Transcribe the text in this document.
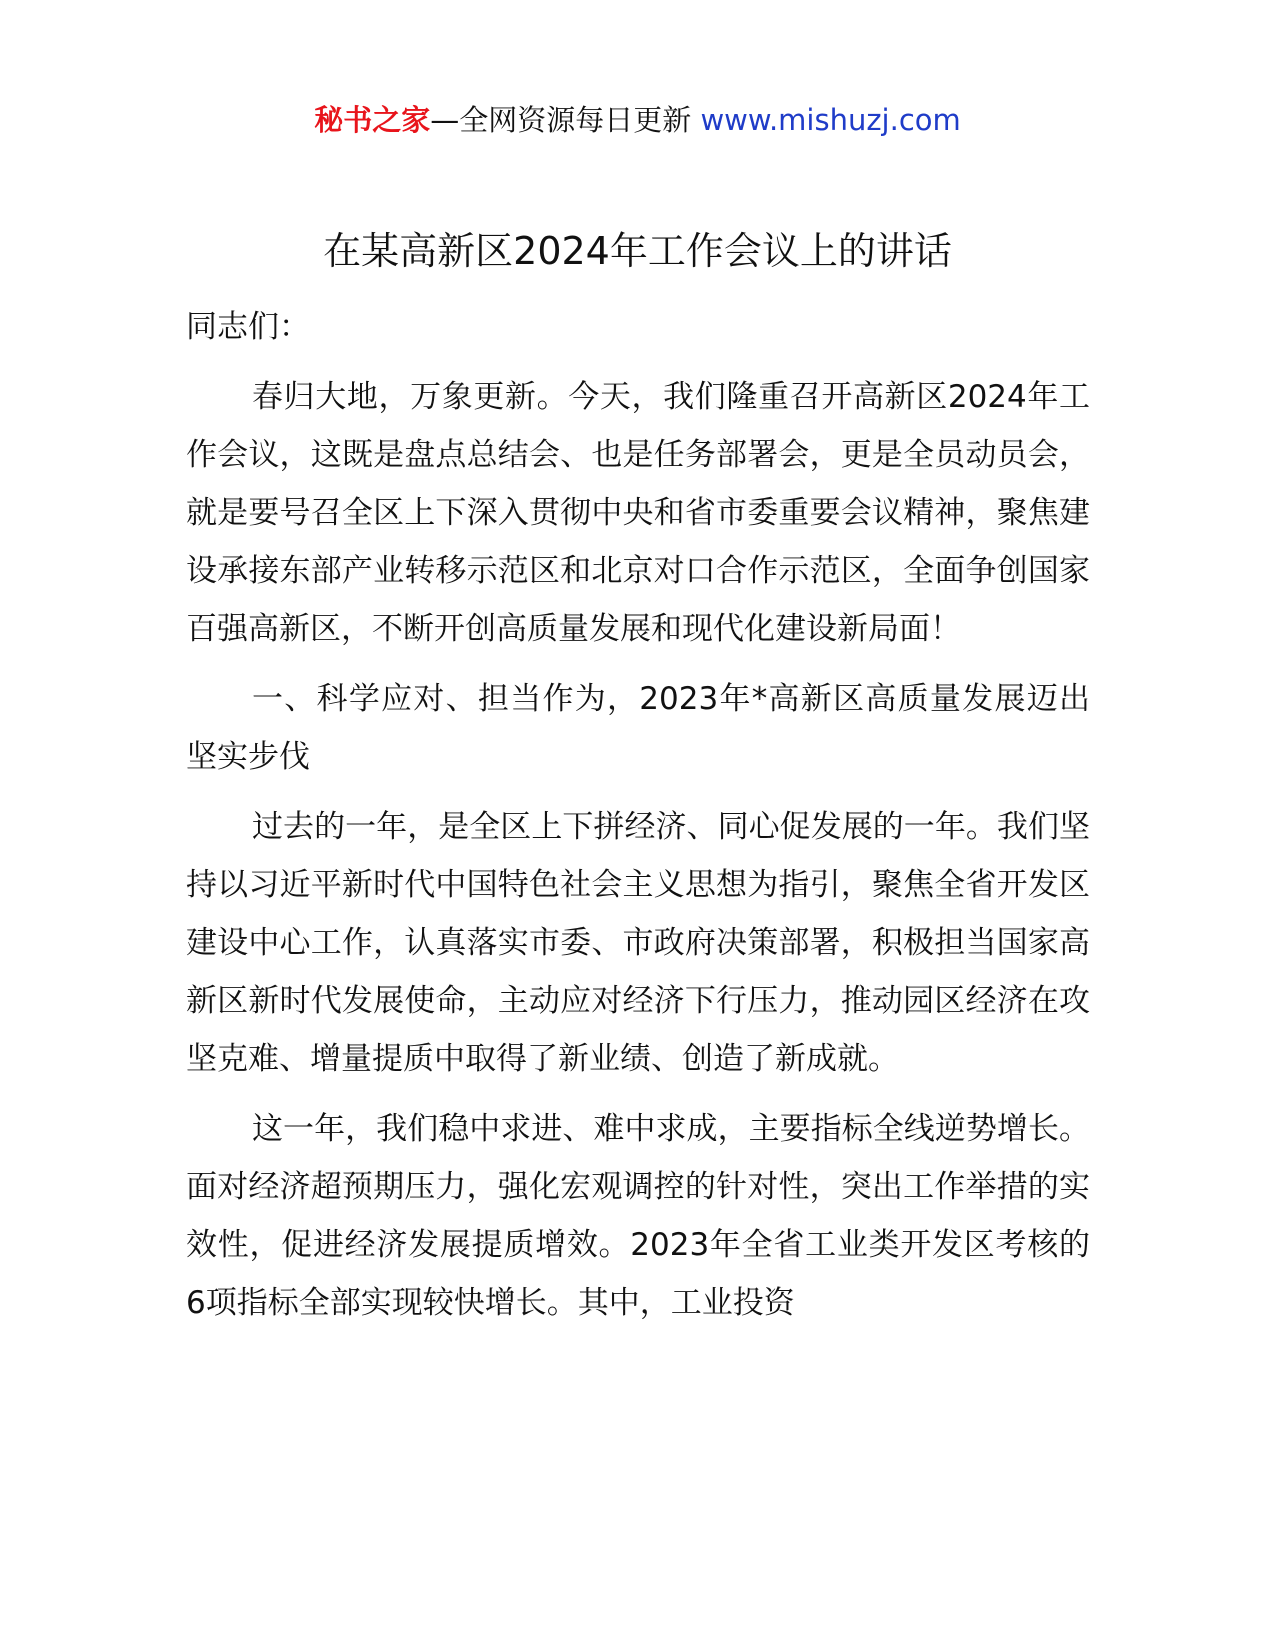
秘书之家—全网资源每日更新 www.mishuzj.com
在某高新区2024年工作会议上的讲话

同志们：

春归大地，万象更新。今天，我们隆重召开高新区2024年工作会议，这既是盘点总结会、也是任务部署会，更是全员动员会，就是要号召全区上下深入贯彻中央和省市委重要会议精神，聚焦建设承接东部产业转移示范区和北京对口合作示范区，全面争创国家百强高新区，不断开创高质量发展和现代化建设新局面！

一、科学应对、担当作为，2023年*高新区高质量发展迈出坚实步伐

过去的一年，是全区上下拼经济、同心促发展的一年。我们坚持以习近平新时代中国特色社会主义思想为指引，聚焦全省开发区建设中心工作，认真落实市委、市政府决策部署，积极担当国家高新区新时代发展使命，主动应对经济下行压力，推动园区经济在攻坚克难、增量提质中取得了新业绩、创造了新成就。

这一年，我们稳中求进、难中求成，主要指标全线逆势增长。面对经济超预期压力，强化宏观调控的针对性，突出工作举措的实效性，促进经济发展提质增效。2023年全省工业类开发区考核的6项指标全部实现较快增长。其中，工业投资
